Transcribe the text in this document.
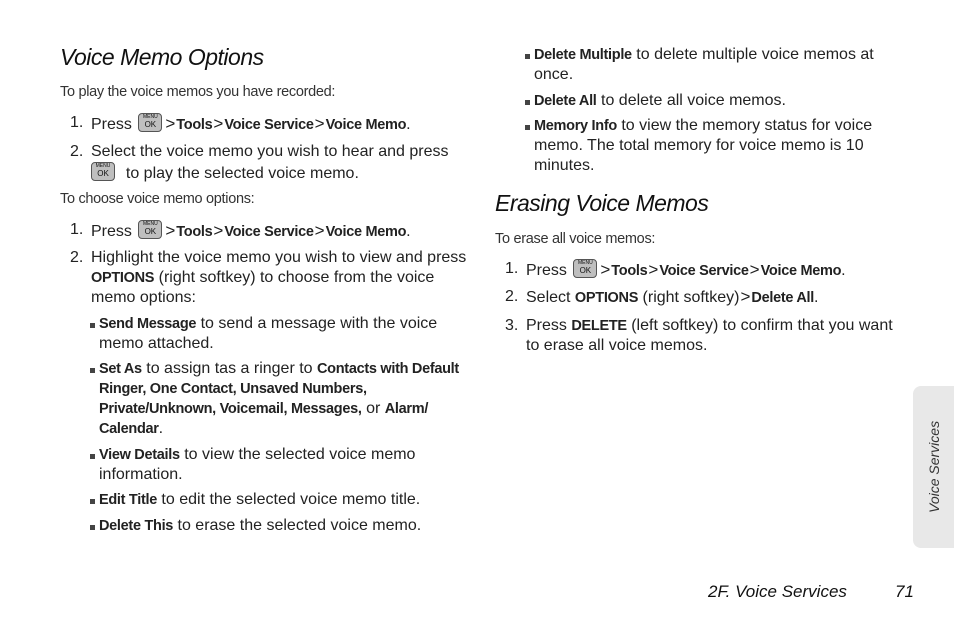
Voice Memo Options
To play the voice memos you have recorded:
1. Press	MENU
OK >Tools>Voice Service>Voice Memo.
2. Select the voice memo you wish to hear and press

MENU
OK	to play the selected voice memo.
To choose voice memo options:
1. Press	MENU
OK >Tools>Voice Service>Voice Memo.
2. Highlight the voice memo you wish to view and press OPTIONS (right softkey) to choose from the voice memo options:
Send Message to send a message with the voice memo attached.
Set As to assign tas a ringer to Contacts with Default Ringer, One Contact, Unsaved Numbers, Private/Unknown, Voicemail, Messages, or Alarm/ Calendar.
View Details to view the selected voice memo information.
Edit Title to edit the selected voice memo title.
Delete This to erase the selected voice memo.
Delete Multiple to delete multiple voice memos at once.
Delete All to delete all voice memos.
Memory Info to view the memory status for voice memo. The total memory for voice memo is 10 minutes.
Erasing Voice Memos
To erase all voice memos:
1. Press	MENU
OK >Tools>Voice Service>Voice Memo.
2. Select OPTIONS (right softkey)>Delete All.
3. Press DELETE (left softkey) to confirm that you want to erase all voice memos.
Voice Services
2F. Voice Services	71
